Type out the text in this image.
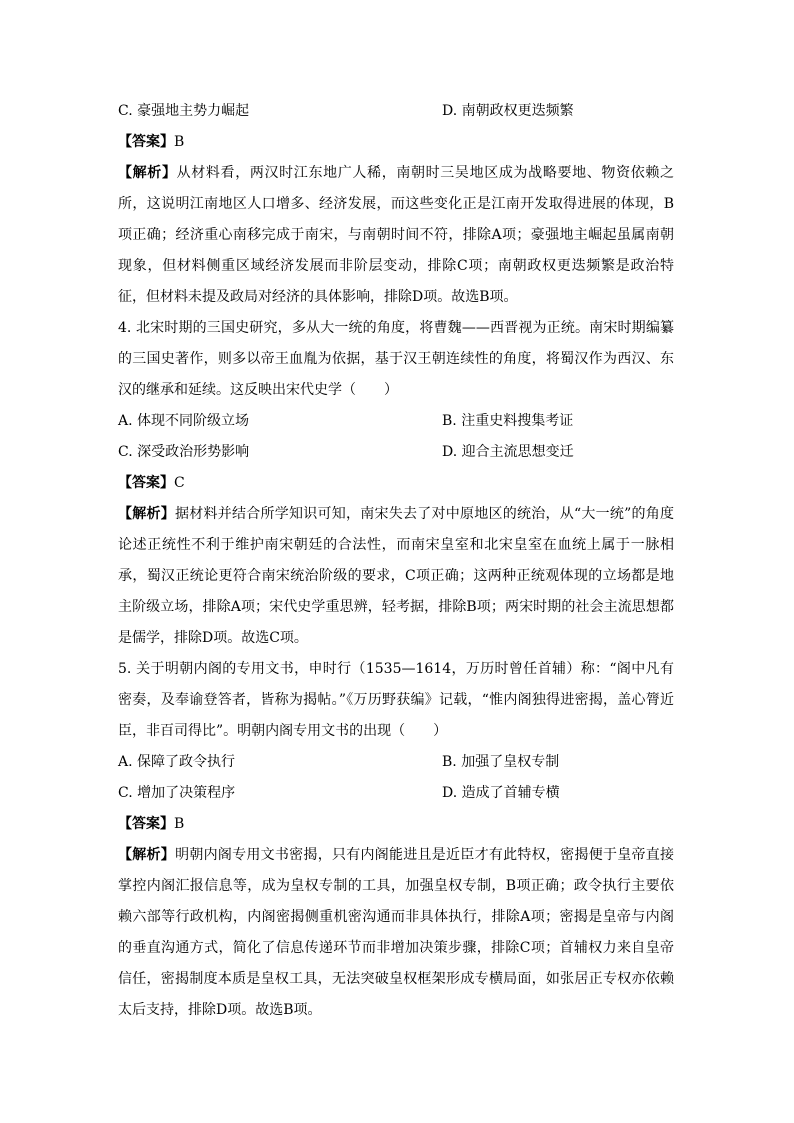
C. 豪强地主势力崛起	D. 南朝政权更迭频繁
【答案】B
【解析】从材料看，两汉时江东地广人稀，南朝时三吴地区成为战略要地、物资依赖之所，这说明江南地区人口增多、经济发展，而这些变化正是江南开发取得进展的体现，B项正确；经济重心南移完成于南宋，与南朝时间不符，排除A项；豪强地主崛起虽属南朝现象，但材料侧重区域经济发展而非阶层变动，排除C项；南朝政权更迭频繁是政治特征，但材料未提及政局对经济的具体影响，排除D项。故选B项。
4. 北宋时期的三国史研究，多从大一统的角度，将曹魏——西晋视为正统。南宋时期编纂的三国史著作，则多以帝王血胤为依据，基于汉王朝连续性的角度，将蜀汉作为西汉、东汉的继承和延续。这反映出宋代史学（　　）
A. 体现不同阶级立场	B. 注重史料搜集考证
C. 深受政治形势影响	D. 迎合主流思想变迁
【答案】C
【解析】据材料并结合所学知识可知，南宋失去了对中原地区的统治，从“大一统”的角度论述正统性不利于维护南宋朝廷的合法性，而南宋皇室和北宋皇室在血统上属于一脉相承，蜀汉正统论更符合南宋统治阶级的要求，C项正确；这两种正统观体现的立场都是地主阶级立场，排除A项；宋代史学重思辨，轻考据，排除B项；两宋时期的社会主流思想都是儒学，排除D项。故选C项。
5. 关于明朝内阁的专用文书，申时行（1535—1614，万历时曾任首辅）称：“阁中凡有密奏，及奉谕登答者，皆称为揭帖。”《万历野获编》记载，“惟内阁独得进密揭，盖心膂近臣，非百司得比”。明朝内阁专用文书的出现（　　）
A. 保障了政令执行	B. 加强了皇权专制
C. 增加了决策程序	D. 造成了首辅专横
【答案】B
【解析】明朝内阁专用文书密揭，只有内阁能进且是近臣才有此特权，密揭便于皇帝直接掌控内阁汇报信息等，成为皇权专制的工具，加强皇权专制，B项正确；政令执行主要依赖六部等行政机构，内阁密揭侧重机密沟通而非具体执行，排除A项；密揭是皇帝与内阁的垂直沟通方式，简化了信息传递环节而非增加决策步骤，排除C项；首辅权力来自皇帝信任，密揭制度本质是皇权工具，无法突破皇权框架形成专横局面，如张居正专权亦依赖太后支持，排除D项。故选B项。
